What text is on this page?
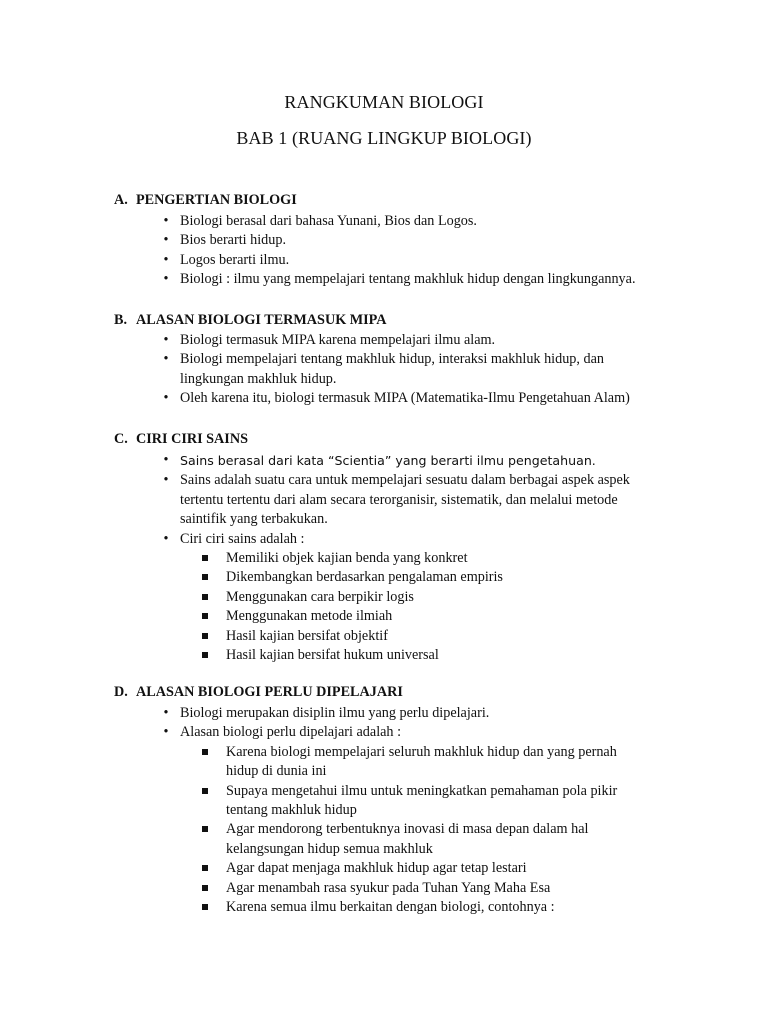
RANGKUMAN BIOLOGI
BAB 1 (RUANG LINGKUP BIOLOGI)
A. PENGERTIAN BIOLOGI
• Biologi berasal dari bahasa Yunani, Bios dan Logos.
• Bios berarti hidup.
• Logos berarti ilmu.
• Biologi : ilmu yang mempelajari tentang makhluk hidup dengan lingkungannya.
B. ALASAN BIOLOGI TERMASUK MIPA
• Biologi termasuk MIPA karena mempelajari ilmu alam.
• Biologi mempelajari tentang makhluk hidup, interaksi makhluk hidup, dan lingkungan makhluk hidup.
• Oleh karena itu, biologi termasuk MIPA (Matematika-Ilmu Pengetahuan Alam)
C. CIRI CIRI SAINS
• Sains berasal dari kata “Scientia” yang berarti ilmu pengetahuan.
• Sains adalah suatu cara untuk mempelajari sesuatu dalam berbagai aspek aspek tertentu tertentu dari alam secara terorganisir, sistematik, dan melalui metode saintifik yang terbakukan.
• Ciri ciri sains adalah :
Memiliki objek kajian benda yang konkret
Dikembangkan berdasarkan pengalaman empiris
Menggunakan cara berpikir logis
Menggunakan metode ilmiah
Hasil kajian bersifat objektif
Hasil kajian bersifat hukum universal
D. ALASAN BIOLOGI PERLU DIPELAJARI
• Biologi merupakan disiplin ilmu yang perlu dipelajari.
• Alasan biologi perlu dipelajari adalah :
Karena biologi mempelajari seluruh makhluk hidup dan yang pernah hidup di dunia ini
Supaya mengetahui ilmu untuk meningkatkan pemahaman pola pikir tentang makhluk hidup
Agar mendorong terbentuknya inovasi di masa depan dalam hal kelangsungan hidup semua makhluk
Agar dapat menjaga makhluk hidup agar tetap lestari
Agar menambah rasa syukur pada Tuhan Yang Maha Esa
Karena semua ilmu berkaitan dengan biologi, contohnya :
